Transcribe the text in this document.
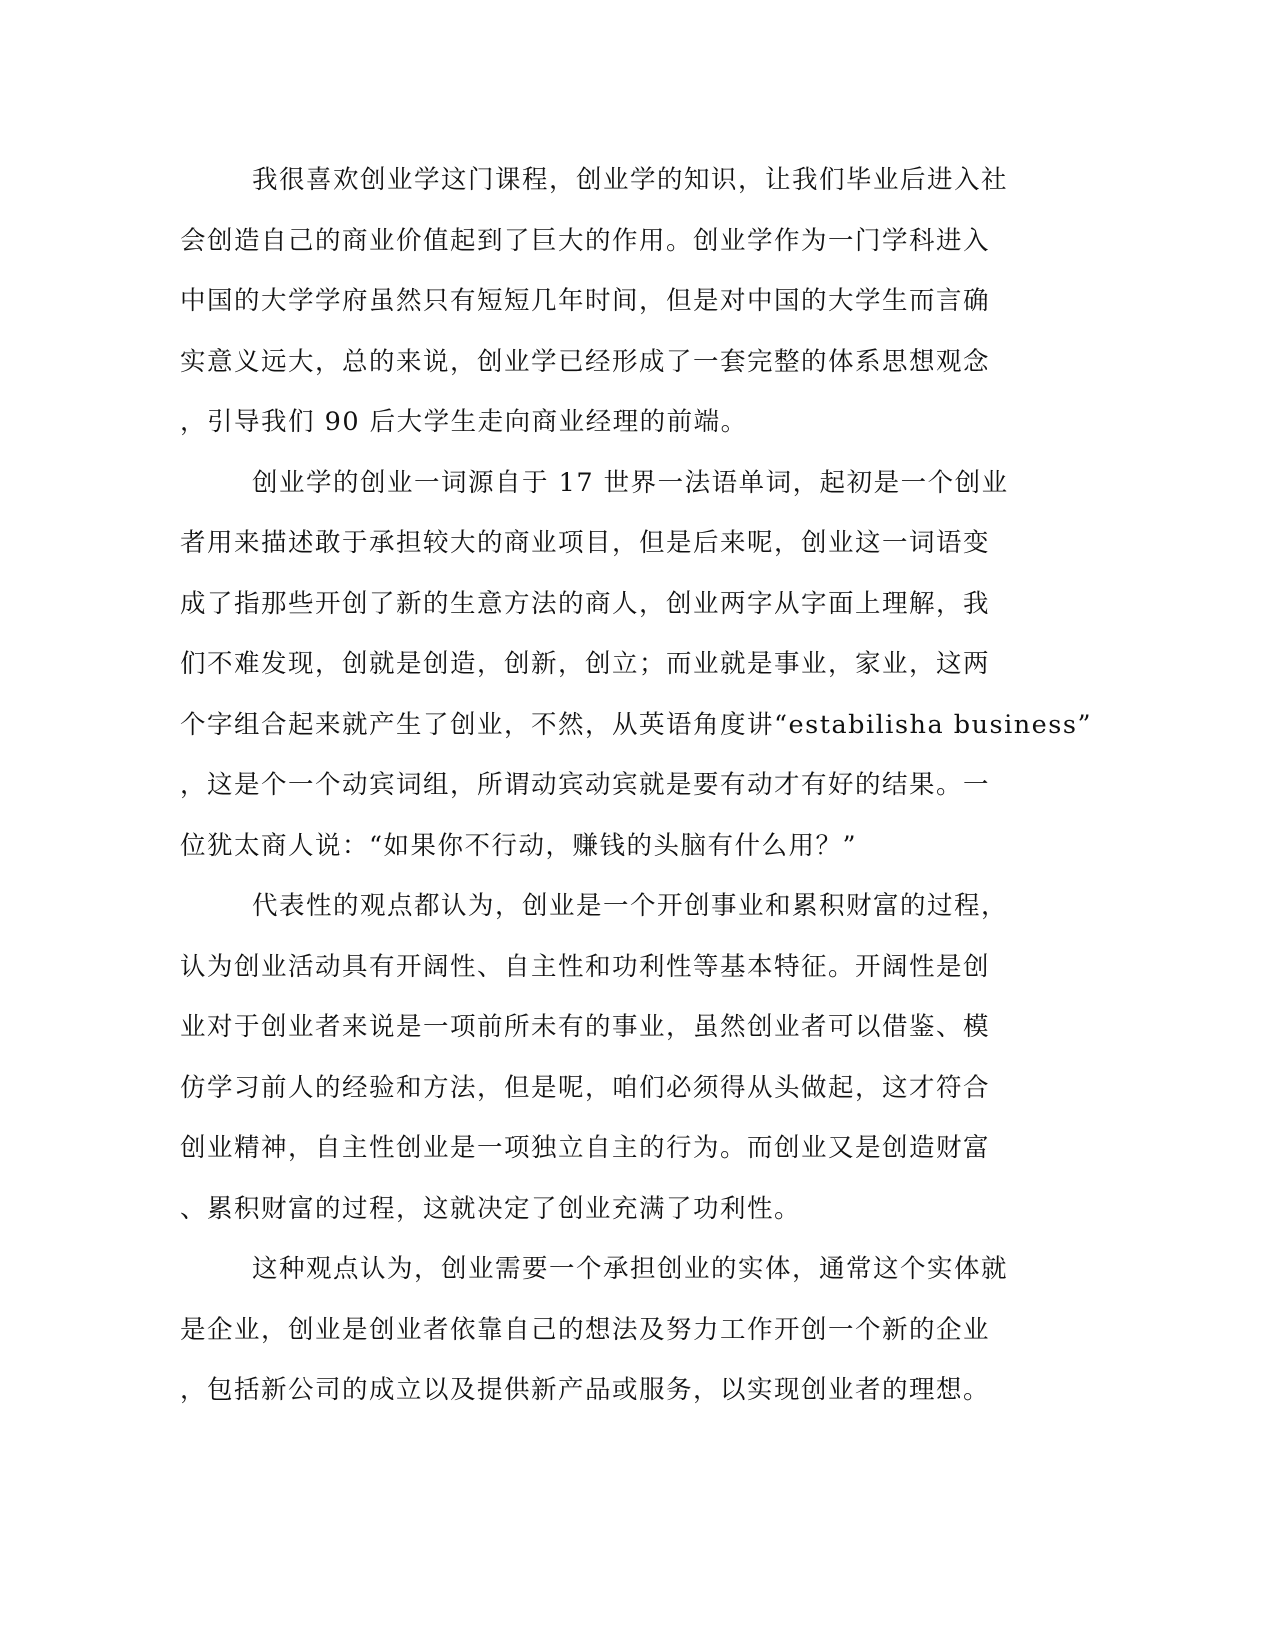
我很喜欢创业学这门课程，创业学的知识，让我们毕业后进入社
会创造自己的商业价值起到了巨大的作用。创业学作为一门学科进入
中国的大学学府虽然只有短短几年时间，但是对中国的大学生而言确
实意义远大，总的来说，创业学已经形成了一套完整的体系思想观念
，引导我们 90 后大学生走向商业经理的前端。

创业学的创业一词源自于 17 世界一法语单词，起初是一个创业
者用来描述敢于承担较大的商业项目，但是后来呢，创业这一词语变
成了指那些开创了新的生意方法的商人，创业两字从字面上理解，我
们不难发现，创就是创造，创新，创立；而业就是事业，家业，这两
个字组合起来就产生了创业，不然，从英语角度讲“estabilisha business”
，这是个一个动宾词组，所谓动宾动宾就是要有动才有好的结果。一
位犹太商人说：“如果你不行动，赚钱的头脑有什么用？”

代表性的观点都认为，创业是一个开创事业和累积财富的过程，
认为创业活动具有开阔性、自主性和功利性等基本特征。开阔性是创
业对于创业者来说是一项前所未有的事业，虽然创业者可以借鉴、模
仿学习前人的经验和方法，但是呢，咱们必须得从头做起，这才符合
创业精神，自主性创业是一项独立自主的行为。而创业又是创造财富
、累积财富的过程，这就决定了创业充满了功利性。

这种观点认为，创业需要一个承担创业的实体，通常这个实体就
是企业，创业是创业者依靠自己的想法及努力工作开创一个新的企业
，包括新公司的成立以及提供新产品或服务，以实现创业者的理想。
